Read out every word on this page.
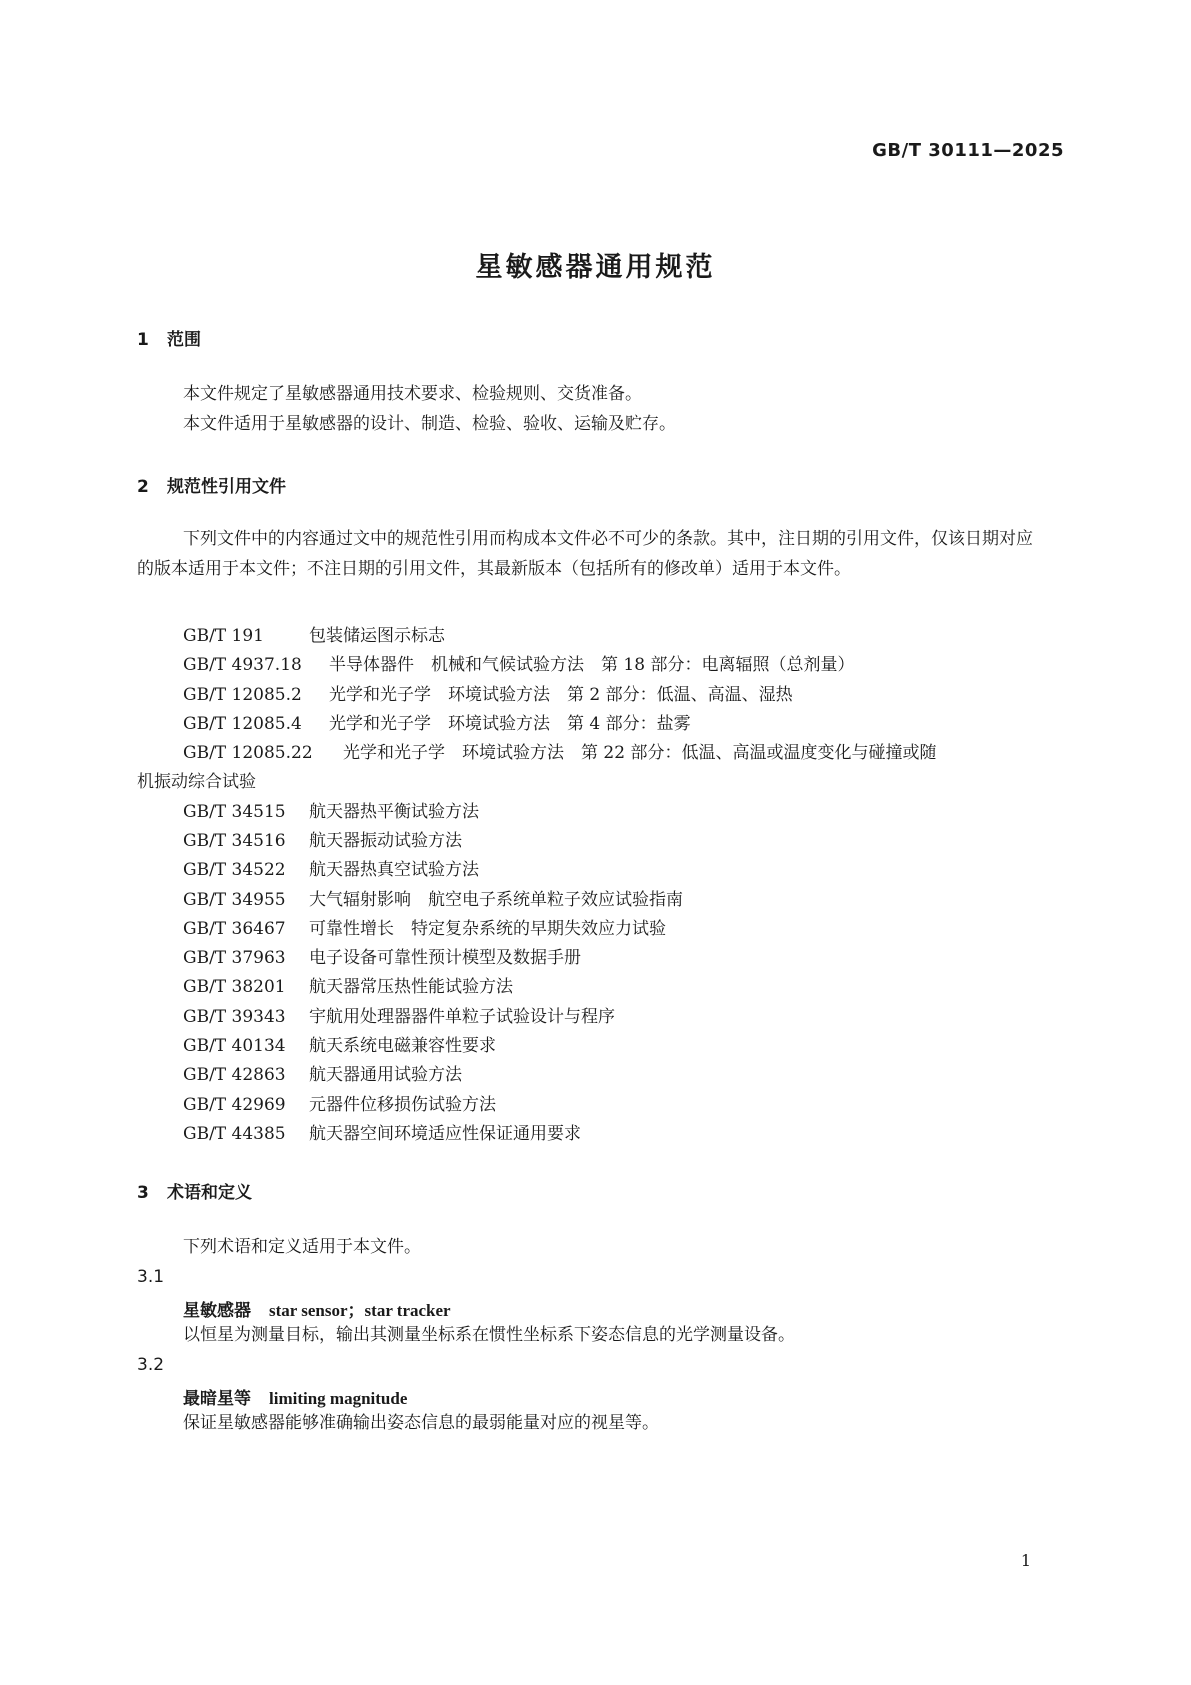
GB/T 30111—2025
星敏感器通用规范
1 范围
本文件规定了星敏感器通用技术要求、检验规则、交货准备。
本文件适用于星敏感器的设计、制造、检验、验收、运输及贮存。
2 规范性引用文件
下列文件中的内容通过文中的规范性引用而构成本文件必不可少的条款。其中，注日期的引用文件，仅该日期对应的版本适用于本文件；不注日期的引用文件，其最新版本（包括所有的修改单）适用于本文件。
GB/T 191	包装储运图示标志
GB/T 4937.18 半导体器件　机械和气候试验方法　第 18 部分：电离辐照（总剂量）
GB/T 12085.2 光学和光子学　环境试验方法　第 2 部分：低温、高温、湿热
GB/T 12085.4 光学和光子学　环境试验方法　第 4 部分：盐雾
GB/T 12085.22 光学和光子学　环境试验方法　第 22 部分：低温、高温或温度变化与碰撞或随
机振动综合试验
GB/T 34515 航天器热平衡试验方法
GB/T 34516 航天器振动试验方法
GB/T 34522 航天器热真空试验方法
GB/T 34955 大气辐射影响　航空电子系统单粒子效应试验指南
GB/T 36467 可靠性增长　特定复杂系统的早期失效应力试验
GB/T 37963 电子设备可靠性预计模型及数据手册
GB/T 38201 航天器常压热性能试验方法
GB/T 39343 宇航用处理器器件单粒子试验设计与程序
GB/T 40134 航天系统电磁兼容性要求
GB/T 42863 航天器通用试验方法
GB/T 42969 元器件位移损伤试验方法
GB/T 44385 航天器空间环境适应性保证通用要求
3 术语和定义
下列术语和定义适用于本文件。
3.1
星敏感器 star sensor；star tracker
以恒星为测量目标，输出其测量坐标系在惯性坐标系下姿态信息的光学测量设备。
3.2
最暗星等 limiting magnitude
保证星敏感器能够准确输出姿态信息的最弱能量对应的视星等。
1
